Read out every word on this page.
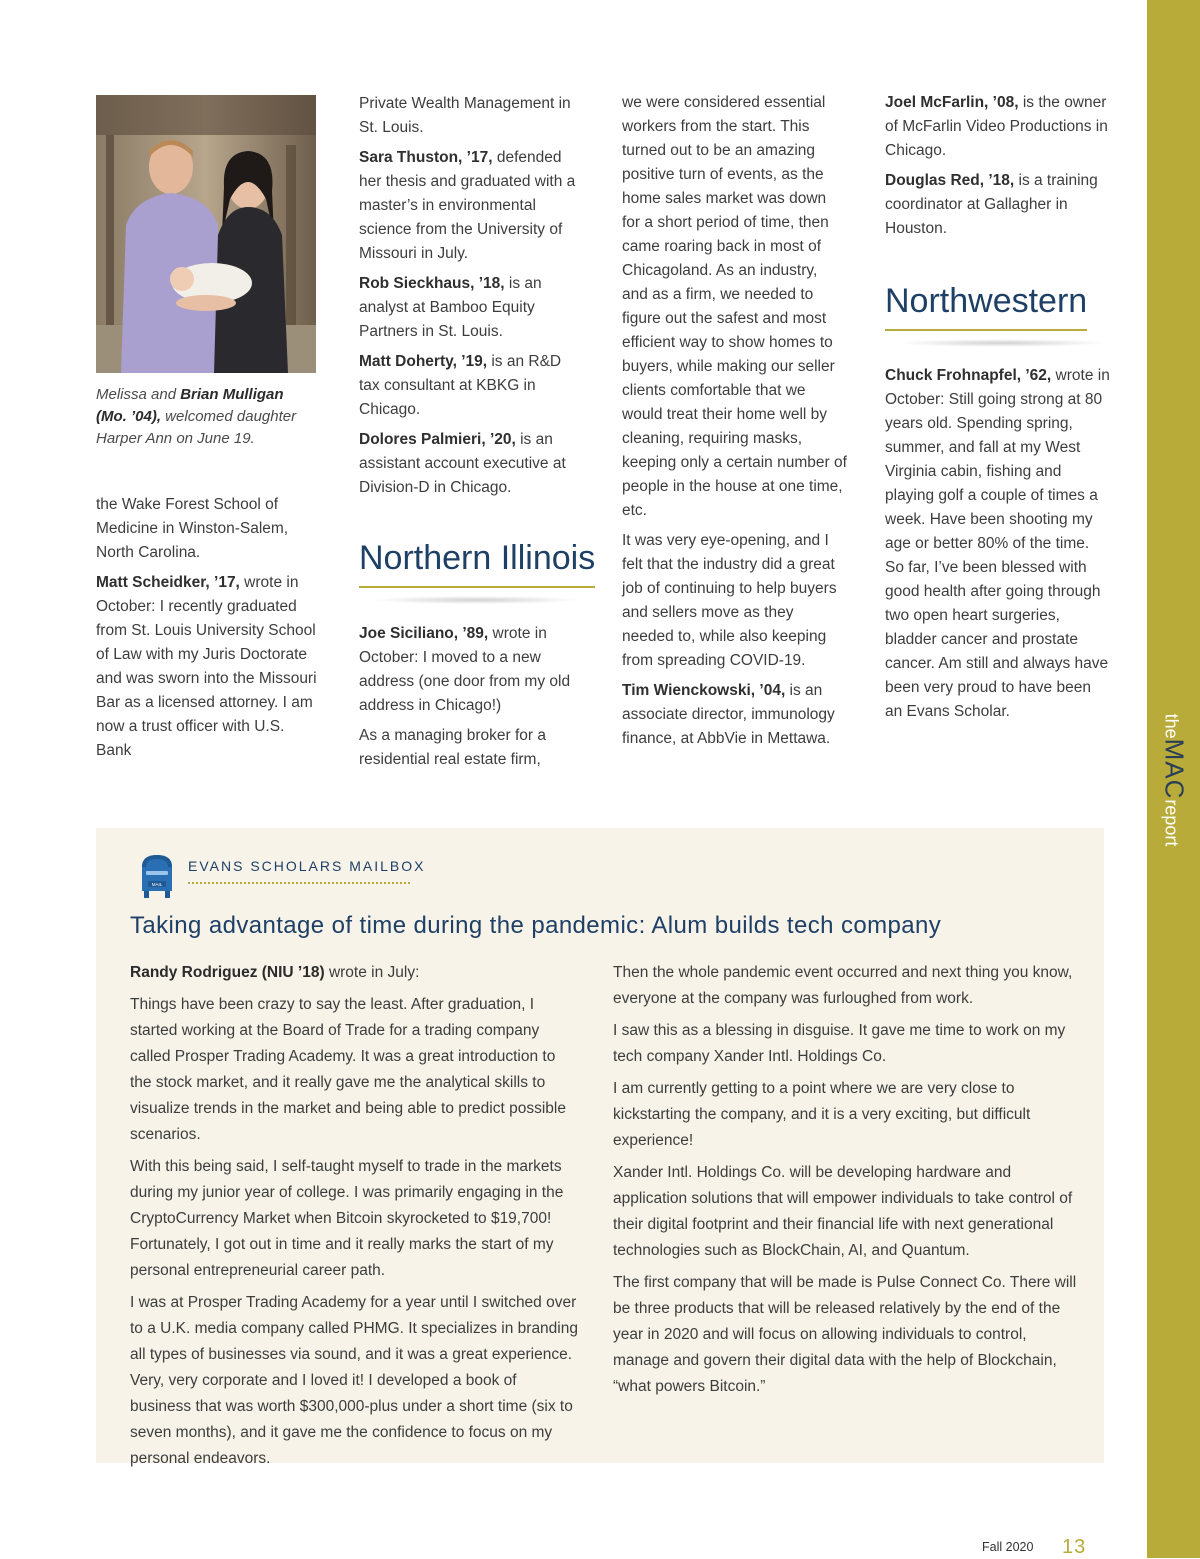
theMACreport
Melissa and Brian Mulligan (Mo. ’04), welcomed daughter Harper Ann on June 19.

the Wake Forest School of Medicine in Winston-Salem, North Carolina.

Matt Scheidker, ’17, wrote in October: I recently graduated from St. Louis University School of Law with my Juris Doctorate and was sworn into the Missouri Bar as a licensed attorney. I am now a trust officer with U.S. Bank

Private Wealth Management in St. Louis.

Sara Thuston, ’17, defended her thesis and graduated with a master’s in environmental science from the University of Missouri in July.

Rob Sieckhaus, ’18, is an analyst at Bamboo Equity Partners in St. Louis.

Matt Doherty, ’19, is an R&D tax consultant at KBKG in Chicago.

Dolores Palmieri, ’20, is an assistant account executive at Division-D in Chicago.

Northern Illinois

Joe Siciliano, ’89, wrote in October: I moved to a new address (one door from my old address in Chicago!)

As a managing broker for a residential real estate firm,

we were considered essential workers from the start. This turned out to be an amazing positive turn of events, as the home sales market was down for a short period of time, then came roaring back in most of Chicagoland. As an industry, and as a firm, we needed to figure out the safest and most efficient way to show homes to buyers, while making our seller clients comfortable that we would treat their home well by cleaning, requiring masks, keeping only a certain number of people in the house at one time, etc.

It was very eye-opening, and I felt that the industry did a great job of continuing to help buyers and sellers move as they needed to, while also keeping from spreading COVID-19.

Tim Wienckowski, ’04, is an associate director, immunology finance, at AbbVie in Mettawa.

Joel McFarlin, ’08, is the owner of McFarlin Video Productions in Chicago.

Douglas Red, ’18, is a training coordinator at Gallagher in Houston.

Northwestern

Chuck Frohnapfel, ’62, wrote in October: Still going strong at 80 years old. Spending spring, summer, and fall at my West Virginia cabin, fishing and playing golf a couple of times a week. Have been shooting my age or better 80% of the time. So far, I’ve been blessed with good health after going through two open heart surgeries, bladder cancer and prostate cancer. Am still and always have been very proud to have been an Evans Scholar.

MAIL
EVANS SCHOLARS MAILBOX
Taking advantage of time during the pandemic: Alum builds tech company

Randy Rodriguez (NIU ’18) wrote in July:

Things have been crazy to say the least. After graduation, I started working at the Board of Trade for a trading company called Prosper Trading Academy. It was a great introduction to the stock market, and it really gave me the analytical skills to visualize trends in the market and being able to predict possible scenarios.

With this being said, I self-taught myself to trade in the markets during my junior year of college. I was primarily engaging in the CryptoCurrency Market when Bitcoin skyrocketed to $19,700! Fortunately, I got out in time and it really marks the start of my personal entrepreneurial career path.

I was at Prosper Trading Academy for a year until I switched over to a U.K. media company called PHMG. It specializes in branding all types of businesses via sound, and it was a great experience. Very, very corporate and I loved it! I developed a book of business that was worth $300,000-plus under a short time (six to seven months), and it gave me the confidence to focus on my personal endeavors.

Then the whole pandemic event occurred and next thing you know, everyone at the company was furloughed from work.

I saw this as a blessing in disguise. It gave me time to work on my tech company Xander Intl. Holdings Co.

I am currently getting to a point where we are very close to kickstarting the company, and it is a very exciting, but difficult experience!

Xander Intl. Holdings Co. will be developing hardware and application solutions that will empower individuals to take control of their digital footprint and their financial life with next generational technologies such as BlockChain, AI, and Quantum.

The first company that will be made is Pulse Connect Co. There will be three products that will be released relatively by the end of the year in 2020 and will focus on allowing individuals to control, manage and govern their digital data with the help of Blockchain, “what powers Bitcoin.”

Fall 2020 13
